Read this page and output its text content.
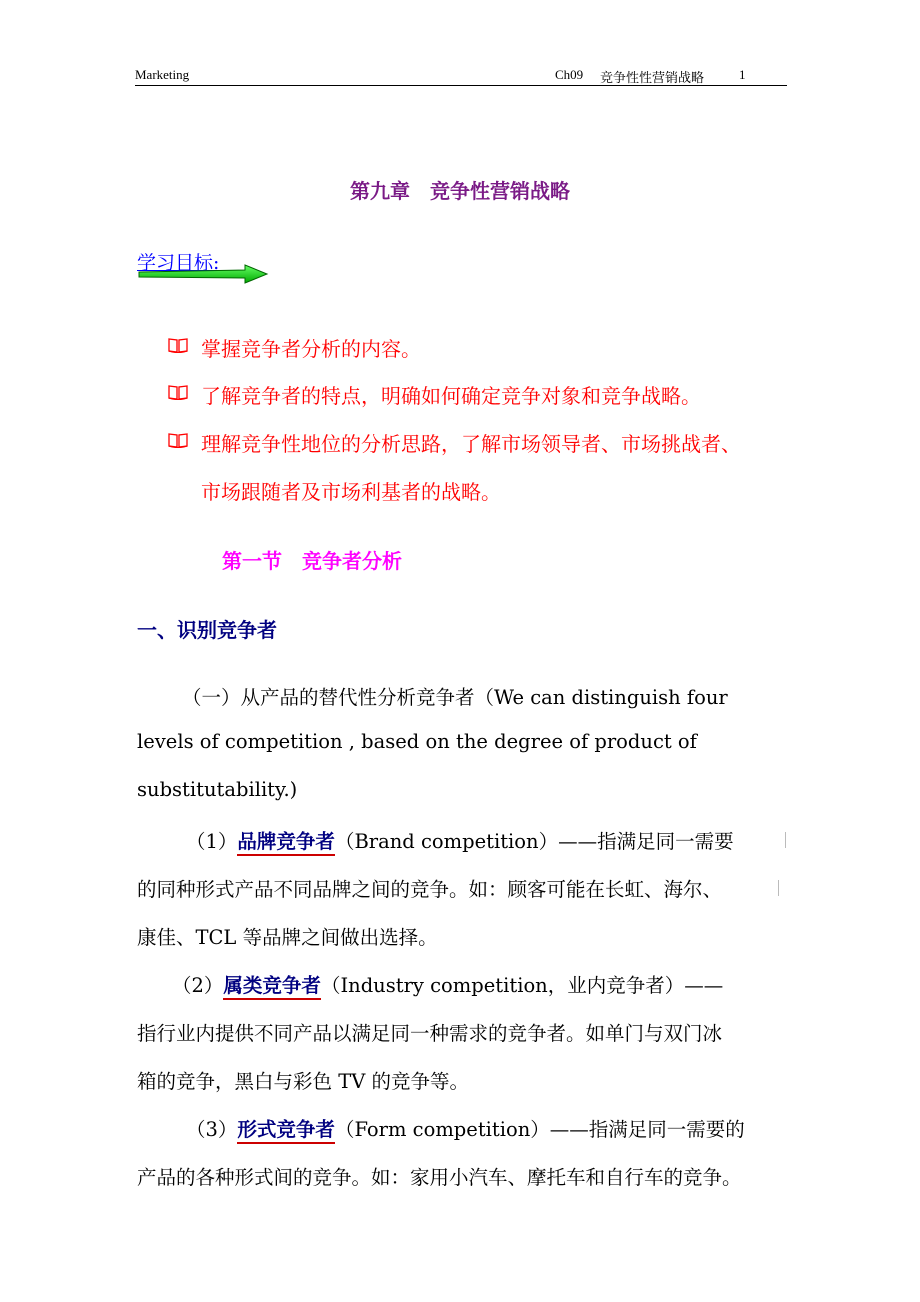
Marketing	Ch09 竞争性性营销战略	1
第九章　竞争性营销战略
学习目标:
掌握竞争者分析的内容。
了解竞争者的特点，明确如何确定竞争对象和竞争战略。
理解竞争性地位的分析思路，了解市场领导者、市场挑战者、
市场跟随者及市场利基者的战略。
第一节　竞争者分析
一、识别竞争者
（一）从产品的替代性分析竞争者（We can distinguish four
levels of competition , based on the degree of product of
substitutability.)
（1）品牌竞争者（Brand competition）——指满足同一需要
的同种形式产品不同品牌之间的竞争。如：顾客可能在长虹、海尔、
康佳、TCL 等品牌之间做出选择。
（2）属类竞争者（Industry competition，业内竞争者）——
指行业内提供不同产品以满足同一种需求的竞争者。如单门与双门冰
箱的竞争，黑白与彩色 TV 的竞争等。
（3）形式竞争者（Form competition）——指满足同一需要的
产品的各种形式间的竞争。如：家用小汽车、摩托车和自行车的竞争。
